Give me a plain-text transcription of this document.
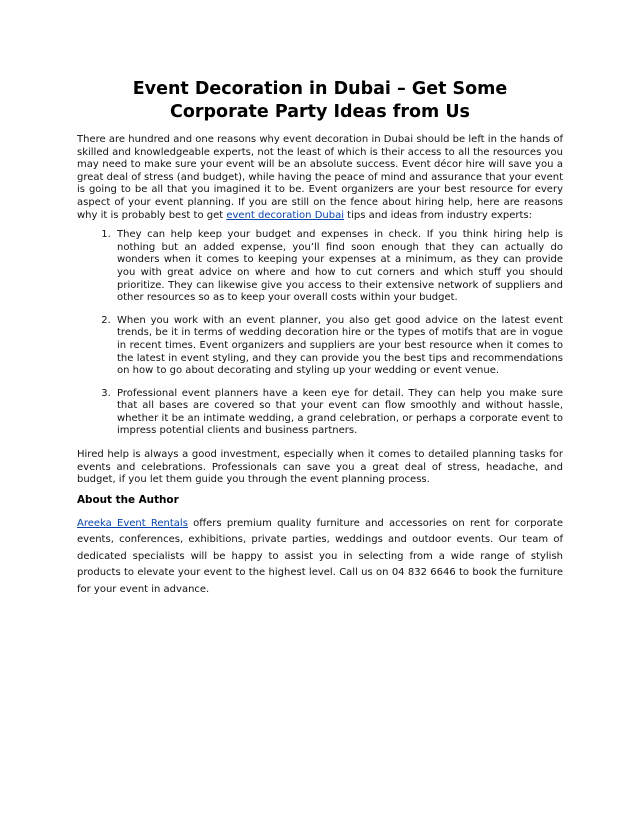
Event Decoration in Dubai – Get Some
Corporate Party Ideas from Us

There are hundred and one reasons why event decoration in Dubai should be left in the hands of skilled and knowledgeable experts, not the least of which is their access to all the resources you may need to make sure your event will be an absolute success. Event décor hire will save you a great deal of stress (and budget), while having the peace of mind and assurance that your event is going to be all that you imagined it to be. Event organizers are your best resource for every aspect of your event planning. If you are still on the fence about hiring help, here are reasons why it is probably best to get event decoration Dubai tips and ideas from industry experts:

1. They can help keep your budget and expenses in check. If you think hiring help is nothing but an added expense, you’ll find soon enough that they can actually do wonders when it comes to keeping your expenses at a minimum, as they can provide you with great advice on where and how to cut corners and which stuff you should prioritize. They can likewise give you access to their extensive network of suppliers and other resources so as to keep your overall costs within your budget.
2. When you work with an event planner, you also get good advice on the latest event trends, be it in terms of wedding decoration hire or the types of motifs that are in vogue in recent times. Event organizers and suppliers are your best resource when it comes to the latest in event styling, and they can provide you the best tips and recommendations on how to go about decorating and styling up your wedding or event venue.
3. Professional event planners have a keen eye for detail. They can help you make sure that all bases are covered so that your event can flow smoothly and without hassle, whether it be an intimate wedding, a grand celebration, or perhaps a corporate event to impress potential clients and business partners.

Hired help is always a good investment, especially when it comes to detailed planning tasks for events and celebrations. Professionals can save you a great deal of stress, headache, and budget, if you let them guide you through the event planning process.

About the Author

Areeka Event Rentals offers premium quality furniture and accessories on rent for corporate events, conferences, exhibitions, private parties, weddings and outdoor events. Our team of dedicated specialists will be happy to assist you in selecting from a wide range of stylish products to elevate your event to the highest level. Call us on 04 832 6646 to book the furniture for your event in advance.
